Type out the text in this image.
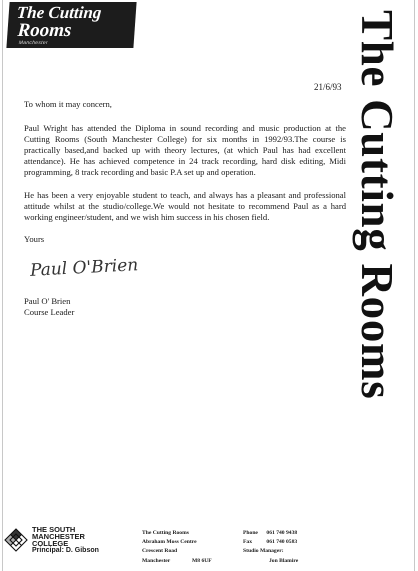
The Cutting
Rooms
Manchester	The Cutting Rooms
21/6/93

To whom it may concern,

Paul Wright has attended the Diploma in sound recording and music production at the Cutting Rooms (South Manchester College) for six months in 1992/93.The course is practically based,and backed up with theory lectures, (at which Paul has had excellent attendance). He has achieved competence in 24 track recording, hard disk editing, Midi programming, 8 track recording and basic P.A set up and operation.

He has been a very enjoyable student to teach, and always has a pleasant and professional attitude whilst at the studio/college.We would not hesitate to recommend Paul as a hard working engineer/student, and we wish him success in his chosen field.

Yours

Paul O'Brien
Paul O' Brien
Course Leader
THE SOUTH
MANCHESTER
COLLEGE
Principal: D. Gibson
The Cutting Rooms
Abraham Moss Centre
Crescent Road
Manchester	M8 6UF
Phone 061 740 9438
Fax	061 740 0583
Studio Manager:
Jon Blamire
